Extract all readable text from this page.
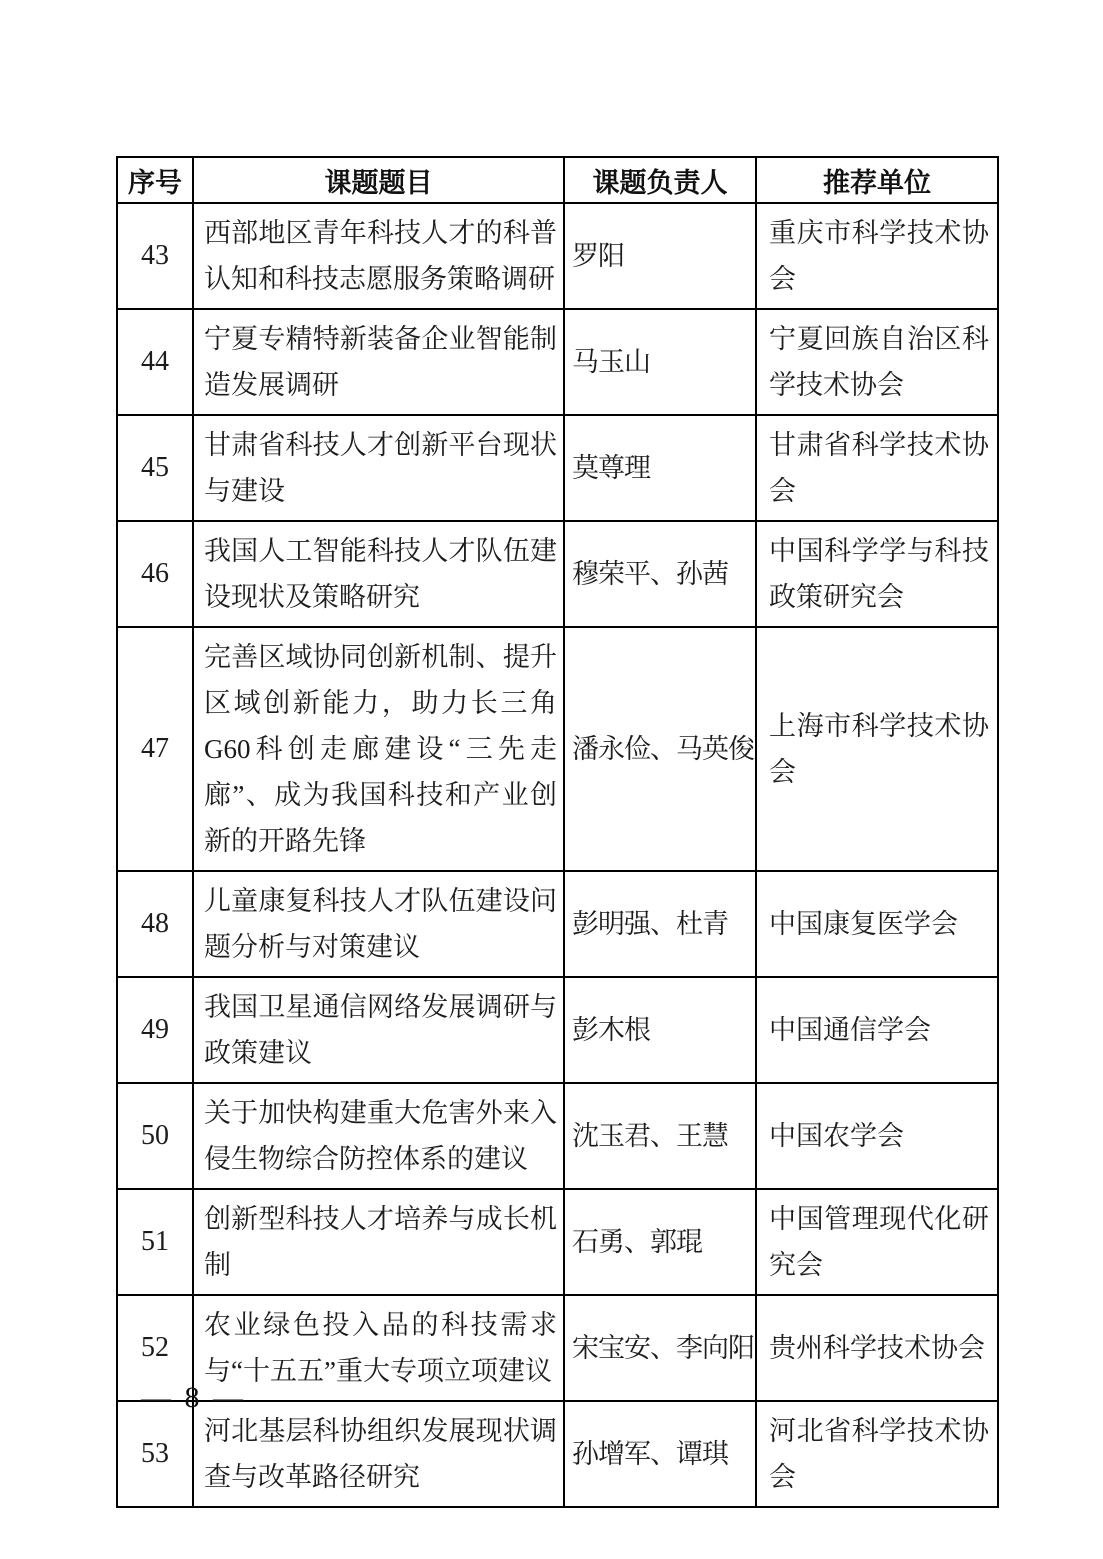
序号	课题题目	课题负责人	推荐单位
43	西部地区青年科技人才的科普认知和科技志愿服务策略调研	罗阳	重庆市科学技术协会
44	宁夏专精特新装备企业智能制造发展调研	马玉山	宁夏回族自治区科学技术协会
45	甘肃省科技人才创新平台现状与建设	莫尊理	甘肃省科学技术协会
46	我国人工智能科技人才队伍建设现状及策略研究	穆荣平、孙茜	中国科学学与科技政策研究会
47	完善区域协同创新机制、提升区域创新能力，助力长三角G60科创走廊建设“三先走廊”、成为我国科技和产业创新的开路先锋	潘永俭、马英俊	上海市科学技术协会
48	儿童康复科技人才队伍建设问题分析与对策建议	彭明强、杜青	中国康复医学会
49	我国卫星通信网络发展调研与政策建议	彭木根	中国通信学会
50	关于加快构建重大危害外来入侵生物综合防控体系的建议	沈玉君、王慧	中国农学会
51	创新型科技人才培养与成长机制	石勇、郭琨	中国管理现代化研究会
52	农业绿色投入品的科技需求与“十五五”重大专项立项建议	宋宝安、李向阳	贵州科学技术协会
53	河北基层科协组织发展现状调查与改革路径研究	孙增军、谭琪	河北省科学技术协会
— 8 —
